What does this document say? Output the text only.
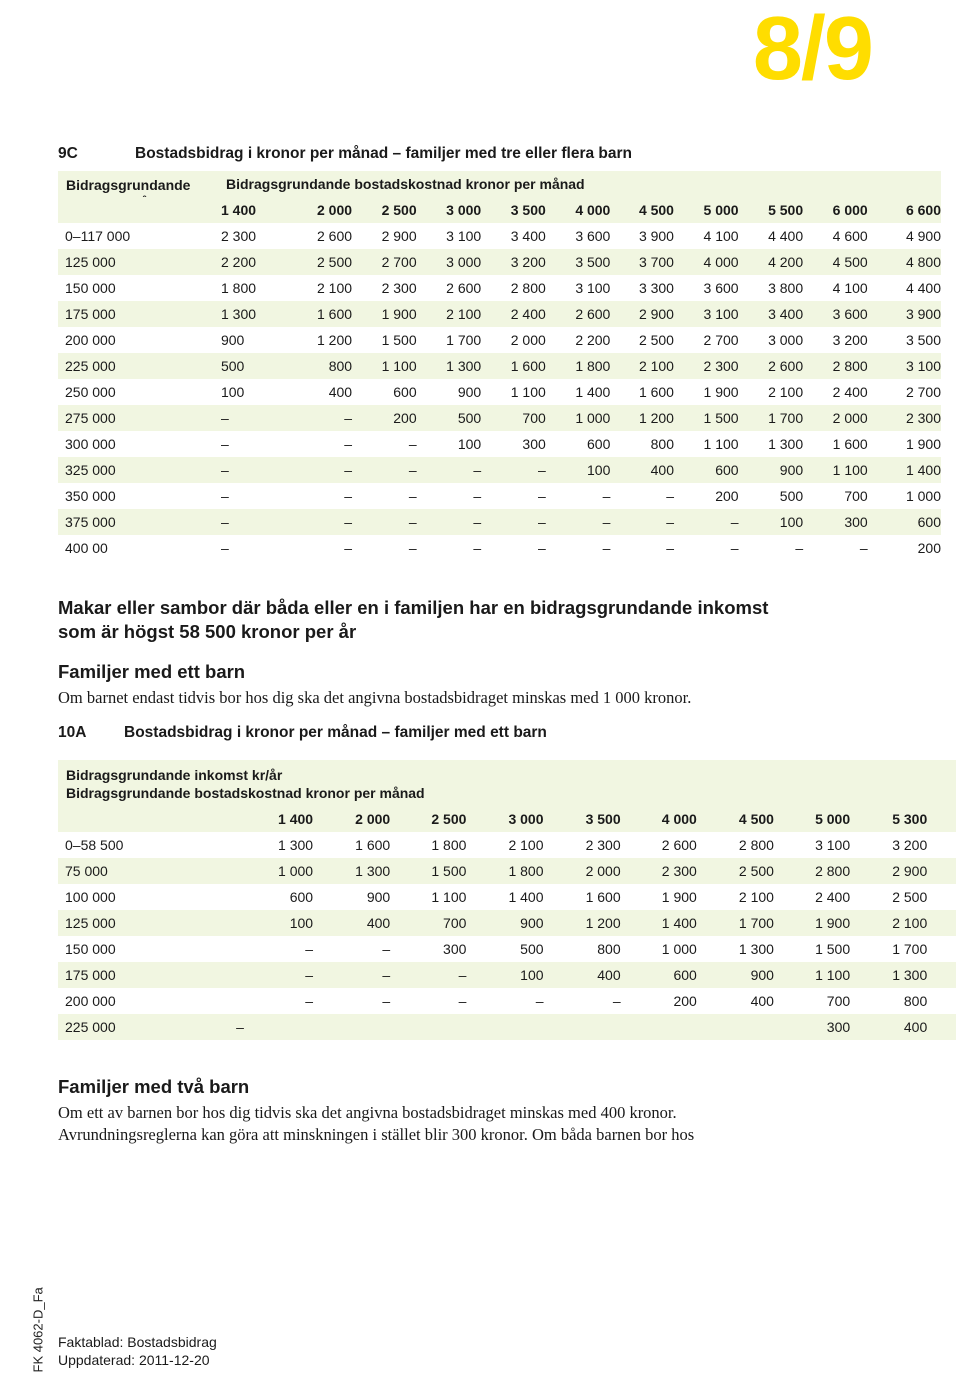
8/9
9C	Bostadsbidrag i kronor per månad – familjer med tre eller flera barn
Bidragsgrundande	Bidragsgrundande bostadskostnad kronor per månad
	1 400	2 000	2 500	3 000	3 500	4 000	4 500	5 000	5 500	6 000	6 600
0–117 000	2 300	2 600	2 900	3 100	3 400	3 600	3 900	4 100	4 400	4 600	4 900
125 000	2 200	2 500	2 700	3 000	3 200	3 500	3 700	4 000	4 200	4 500	4 800
150 000	1 800	2 100	2 300	2 600	2 800	3 100	3 300	3 600	3 800	4 100	4 400
175 000	1 300	1 600	1 900	2 100	2 400	2 600	2 900	3 100	3 400	3 600	3 900
200 000	900	1 200	1 500	1 700	2 000	2 200	2 500	2 700	3 000	3 200	3 500
225 000	500	800	1 100	1 300	1 600	1 800	2 100	2 300	2 600	2 800	3 100
250 000	100	400	600	900	1 100	1 400	1 600	1 900	2 100	2 400	2 700
275 000	–	–	200	500	700	1 000	1 200	1 500	1 700	2 000	2 300
300 000	–	–	–	100	300	600	800	1 100	1 300	1 600	1 900
325 000	–	–	–	–	–	100	400	600	900	1 100	1 400
350 000	–	–	–	–	–	–	–	200	500	700	1 000
375 000	–	–	–	–	–	–	–	–	100	300	600
400 00	–	–	–	–	–	–	–	–	–	–	200
Makar eller sambor där båda eller en i familjen har en bidragsgrundande inkomst
som är högst 58 500 kronor per år
Familjer med ett barn
Om barnet endast tidvis bor hos dig ska det angivna bostadsbidraget minskas med 1 000 kronor.
10A Bostadsbidrag i kronor per månad – familjer med ett barn
Bidragsgrundande inkomst kr/år
Bidragsgrundande bostadskostnad kronor per månad
	1 400	2 000	2 500	3 000	3 500	4 000	4 500	5 000	5 300	
0–58 500	1 300	1 600	1 800	2 100	2 300	2 600	2 800	3 100	3 200	
75 000	1 000	1 300	1 500	1 800	2 000	2 300	2 500	2 800	2 900	
100 000	600	900	1 100	1 400	1 600	1 900	2 100	2 400	2 500	
125 000	100	400	700	900	1 200	1 400	1 700	1 900	2 100	
150 000	–	–	300	500	800	1 000	1 300	1 500	1 700	
175 000	–	–	–	100	400	600	900	1 100	1 300	
200 000	–	–	–	–	–	200	400	700	800	
225 000	–							300	400	
Familjer med två barn
Om ett av barnen bor hos dig tidvis ska det angivna bostadsbidraget minskas med 400 kronor.
Avrundningsreglerna kan göra att minskningen i stället blir 300 kronor. Om båda barnen bor hos
FK 4062-D_Fa Faktablad: Bostadsbidrag
Uppdaterad: 2011-12-20
